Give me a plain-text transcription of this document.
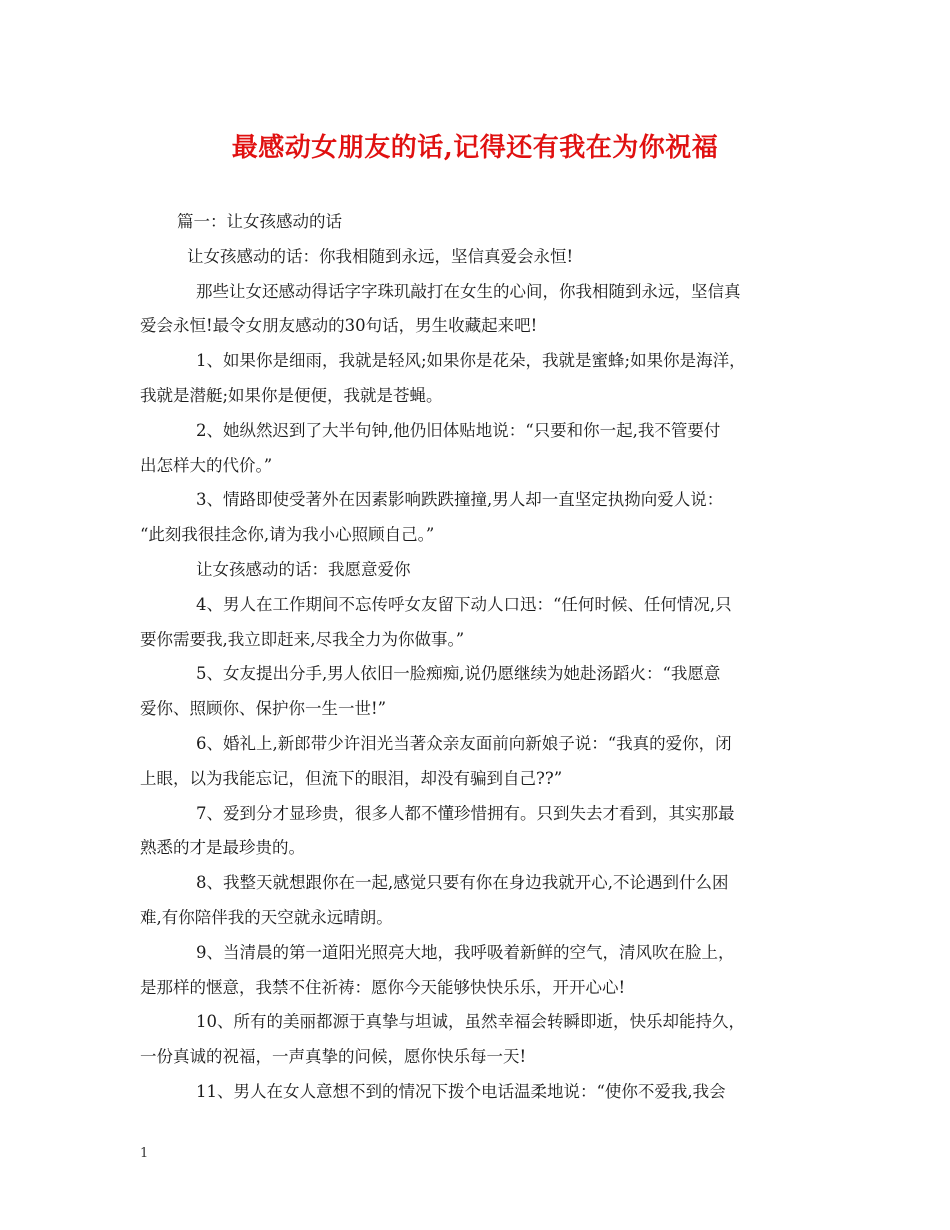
最感动女朋友的话,记得还有我在为你祝福
篇一：让女孩感动的话
让女孩感动的话：你我相随到永远，坚信真爱会永恒!
那些让女还感动得话字字珠玑敲打在女生的心间，你我相随到永远，坚信真
爱会永恒!最令女朋友感动的30句话，男生收藏起来吧!
1、如果你是细雨，我就是轻风;如果你是花朵，我就是蜜蜂;如果你是海洋，
我就是潜艇;如果你是便便，我就是苍蝇。
2、她纵然迟到了大半句钟,他仍旧体贴地说：“只要和你一起,我不管要付
出怎样大的代价。”
3、情路即使受著外在因素影响跌跌撞撞,男人却一直坚定执拗向爱人说：
“此刻我很挂念你,请为我小心照顾自己。”
让女孩感动的话：我愿意爱你
4、男人在工作期间不忘传呼女友留下动人口迅：“任何时候、任何情况,只
要你需要我,我立即赶来,尽我全力为你做事。”
5、女友提出分手,男人依旧一脸痴痴,说仍愿继续为她赴汤蹈火：“我愿意
爱你、照顾你、保护你一生一世!”
6、婚礼上,新郎带少许泪光当著众亲友面前向新娘子说：“我真的爱你，闭
上眼，以为我能忘记，但流下的眼泪，却没有骗到自己??”
7、爱到分才显珍贵，很多人都不懂珍惜拥有。只到失去才看到，其实那最
熟悉的才是最珍贵的。
8、我整天就想跟你在一起,感觉只要有你在身边我就开心,不论遇到什么困
难,有你陪伴我的天空就永远晴朗。
9、当清晨的第一道阳光照亮大地，我呼吸着新鲜的空气，清风吹在脸上，
是那样的惬意，我禁不住祈祷：愿你今天能够快快乐乐，开开心心!
10、所有的美丽都源于真挚与坦诚，虽然幸福会转瞬即逝，快乐却能持久，
一份真诚的祝福，一声真挚的问候，愿你快乐每一天!
11、男人在女人意想不到的情况下拨个电话温柔地说：“使你不爱我,我会
1
